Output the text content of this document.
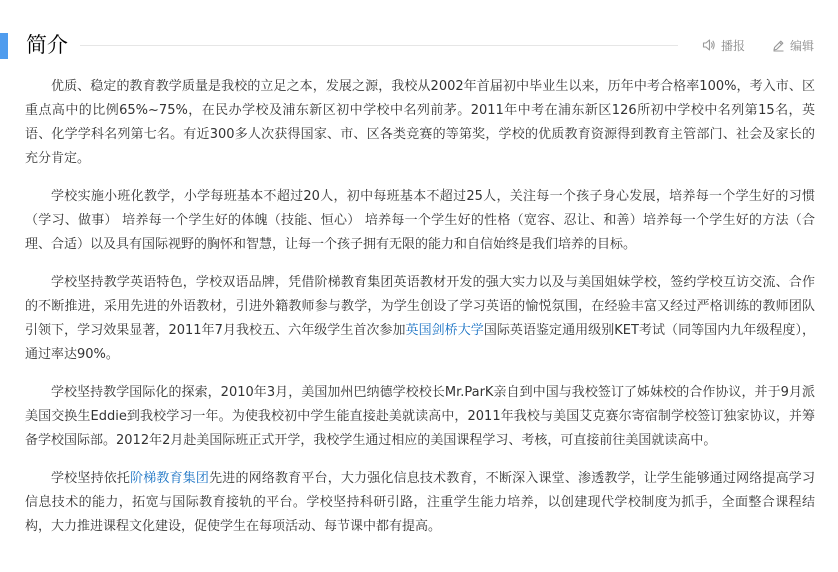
简介	播报	编辑

优质、稳定的教育教学质量是我校的立足之本，发展之源，我校从2002年首届初中毕业生以来，历年中考合格率100%，考入市、区重点高中的比例65%~75%，在民办学校及浦东新区初中学校中名列前茅。2011年中考在浦东新区126所初中学校中名列第15名，英语、化学学科名列第七名。有近300多人次获得国家、市、区各类竞赛的等第奖，学校的优质教育资源得到教育主管部门、社会及家长的充分肯定。

学校实施小班化教学，小学每班基本不超过20人，初中每班基本不超过25人，关注每一个孩子身心发展，培养每一个学生好的习惯（学习、做事） 培养每一个学生好的体魄（技能、恒心） 培养每一个学生好的性格（宽容、忍让、和善）培养每一个学生好的方法（合理、合适）以及具有国际视野的胸怀和智慧，让每一个孩子拥有无限的能力和自信始终是我们培养的目标。

学校坚持教学英语特色，学校双语品牌，凭借阶梯教育集团英语教材开发的强大实力以及与美国姐妹学校，签约学校互访交流、合作的不断推进，采用先进的外语教材，引进外籍教师参与教学，为学生创设了学习英语的愉悦氛围，在经验丰富又经过严格训练的教师团队引领下，学习效果显著，2011年7月我校五、六年级学生首次参加英国剑桥大学国际英语鉴定通用级别KET考试（同等国内九年级程度），通过率达90%。

学校坚持教学国际化的探索，2010年3月，美国加州巴纳德学校校长Mr.ParK亲自到中国与我校签订了姊妹校的合作协议，并于9月派美国交换生Eddie到我校学习一年。为使我校初中学生能直接赴美就读高中，2011年我校与美国艾克赛尔寄宿制学校签订独家协议，并筹备学校国际部。2012年2月赴美国际班正式开学，我校学生通过相应的美国课程学习、考核，可直接前往美国就读高中。

学校坚持依托阶梯教育集团先进的网络教育平台，大力强化信息技术教育，不断深入课堂、渗透教学，让学生能够通过网络提高学习信息技术的能力，拓宽与国际教育接轨的平台。学校坚持科研引路，注重学生能力培养，以创建现代学校制度为抓手，全面整合课程结构，大力推进课程文化建设，促使学生在每项活动、每节课中都有提高。
